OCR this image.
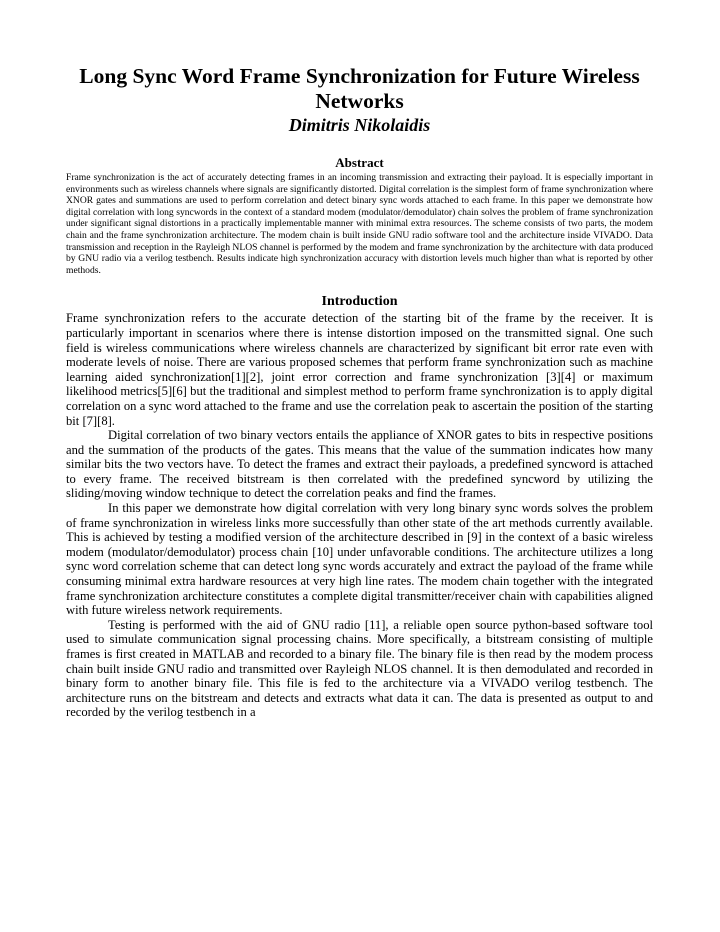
Long Sync Word Frame Synchronization for Future Wireless Networks
Dimitris Nikolaidis
Abstract

Frame synchronization is the act of accurately detecting frames in an incoming transmission and extracting their payload. It is especially important in environments such as wireless channels where signals are significantly distorted. Digital correlation is the simplest form of frame synchronization where XNOR gates and summations are used to perform correlation and detect binary sync words attached to each frame. In this paper we demonstrate how digital correlation with long syncwords in the context of a standard modem (modulator/demodulator) chain solves the problem of frame synchronization under significant signal distortions in a practically implementable manner with minimal extra resources. The scheme consists of two parts, the modem chain and the frame synchronization architecture. The modem chain is built inside GNU radio software tool and the architecture inside VIVADO. Data transmission and reception in the Rayleigh NLOS channel is performed by the modem and frame synchronization by the architecture with data produced by GNU radio via a verilog testbench. Results indicate high synchronization accuracy with distortion levels much higher than what is reported by other methods.

Introduction

Frame synchronization refers to the accurate detection of the starting bit of the frame by the receiver. It is particularly important in scenarios where there is intense distortion imposed on the transmitted signal. One such field is wireless communications where wireless channels are characterized by significant bit error rate even with moderate levels of noise. There are various proposed schemes that perform frame synchronization such as machine learning aided synchronization[1][2], joint error correction and frame synchronization [3][4] or maximum likelihood metrics[5][6] but the traditional and simplest method to perform frame synchronization is to apply digital correlation on a sync word attached to the frame and use the correlation peak to ascertain the position of the starting bit [7][8].

Digital correlation of two binary vectors entails the appliance of XNOR gates to bits in respective positions and the summation of the products of the gates. This means that the value of the summation indicates how many similar bits the two vectors have. To detect the frames and extract their payloads, a predefined syncword is attached to every frame. The received bitstream is then correlated with the predefined syncword by utilizing the sliding/moving window technique to detect the correlation peaks and find the frames.

In this paper we demonstrate how digital correlation with very long binary sync words solves the problem of frame synchronization in wireless links more successfully than other state of the art methods currently available. This is achieved by testing a modified version of the architecture described in [9] in the context of a basic wireless modem (modulator/demodulator) process chain [10] under unfavorable conditions. The architecture utilizes a long sync word correlation scheme that can detect long sync words accurately and extract the payload of the frame while consuming minimal extra hardware resources at very high line rates. The modem chain together with the integrated frame synchronization architecture constitutes a complete digital transmitter/receiver chain with capabilities aligned with future wireless network requirements.

Testing is performed with the aid of GNU radio [11], a reliable open source python-based software tool used to simulate communication signal processing chains. More specifically, a bitstream consisting of multiple frames is first created in MATLAB and recorded to a binary file. The binary file is then read by the modem process chain built inside GNU radio and transmitted over Rayleigh NLOS channel. It is then demodulated and recorded in binary form to another binary file. This file is fed to the architecture via a VIVADO verilog testbench. The architecture runs on the bitstream and detects and extracts what data it can. The data is presented as output to and recorded by the verilog testbench in a
